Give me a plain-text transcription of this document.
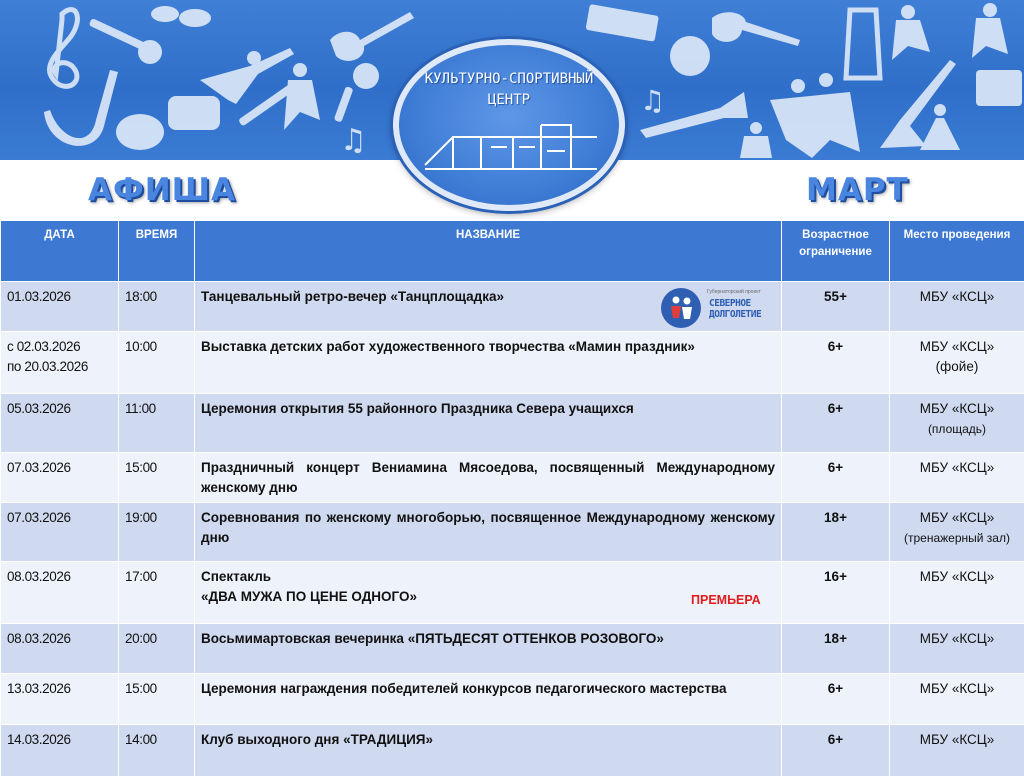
♫
♫
АФИША	МАРТ
КУЛЬТУРНО-СПОРТИВНЫЙ
ЦЕНТР
ДАТА	ВРЕМЯ	НАЗВАНИЕ	Возрастное
ограничение	Место проведения
01.03.2026	18:00	Танцевальный ретро-вечер «Танцплощадка» Губернаторский проект
СЕВЕРНОЕ
ДОЛГОЛЕТИЕ	55+	МБУ «КСЦ»
с 02.03.2026
по 20.03.2026	10:00	Выставка детских работ художественного творчества «Мамин праздник»	6+	МБУ «КСЦ»
(фойе)
05.03.2026	11:00	Церемония открытия 55 районного Праздника Севера учащихся	6+	МБУ «КСЦ»
(площадь)
07.03.2026	15:00	Праздничный концерт Вениамина Мясоедова, посвященный Международному женскому дню	6+	МБУ «КСЦ»
07.03.2026	19:00	Соревнования по женскому многоборью, посвященное Международному женскому дню	18+	МБУ «КСЦ»
(тренажерный зал)
08.03.2026	17:00	Спектакль
«ДВА МУЖА ПО ЦЕНЕ ОДНОГО» ПРЕМЬЕРА	16+	МБУ «КСЦ»
08.03.2026	20:00	Восьмимартовская вечеринка «ПЯТЬДЕСЯТ ОТТЕНКОВ РОЗОВОГО»	18+	МБУ «КСЦ»
13.03.2026	15:00	Церемония награждения победителей конкурсов педагогического мастерства	6+	МБУ «КСЦ»
14.03.2026	14:00	Клуб выходного дня «ТРАДИЦИЯ»	6+	МБУ «КСЦ»
